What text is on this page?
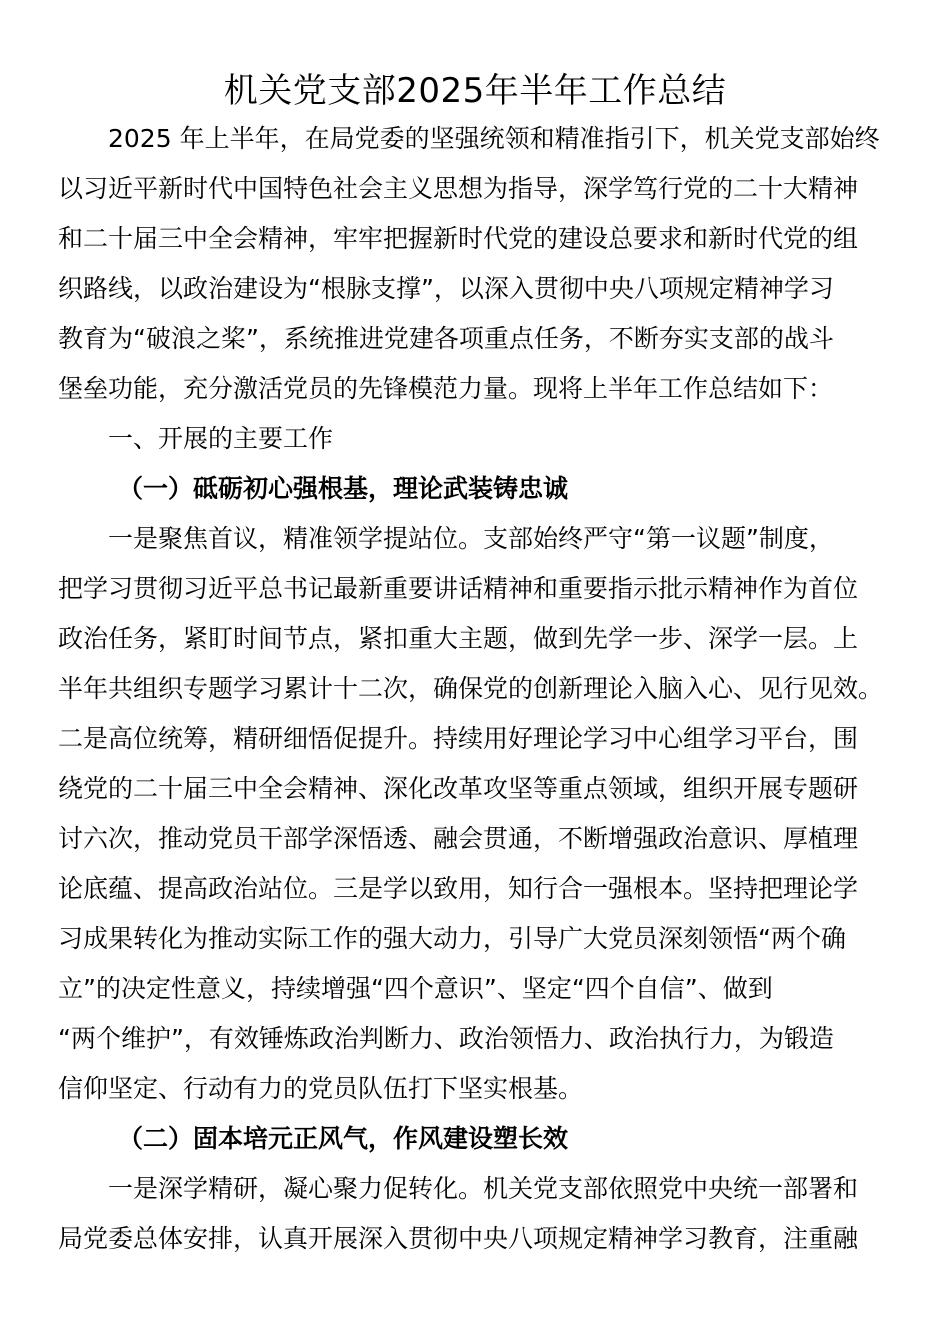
机关党支部2025年半年工作总结
2025 年上半年，在局党委的坚强统领和精准指引下，机关党支部始终
以习近平新时代中国特色社会主义思想为指导，深学笃行党的二十大精神
和二十届三中全会精神，牢牢把握新时代党的建设总要求和新时代党的组
织路线，以政治建设为“根脉支撑”，以深入贯彻中央八项规定精神学习
教育为“破浪之桨”，系统推进党建各项重点任务，不断夯实支部的战斗
堡垒功能，充分激活党员的先锋模范力量。现将上半年工作总结如下：
一、开展的主要工作
（一）砥砺初心强根基，理论武装铸忠诚
一是聚焦首议，精准领学提站位。支部始终严守“第一议题”制度，
把学习贯彻习近平总书记最新重要讲话精神和重要指示批示精神作为首位
政治任务，紧盯时间节点，紧扣重大主题，做到先学一步、深学一层。上
半年共组织专题学习累计十二次，确保党的创新理论入脑入心、见行见效。
二是高位统筹，精研细悟促提升。持续用好理论学习中心组学习平台，围
绕党的二十届三中全会精神、深化改革攻坚等重点领域，组织开展专题研
讨六次，推动党员干部学深悟透、融会贯通，不断增强政治意识、厚植理
论底蕴、提高政治站位。三是学以致用，知行合一强根本。坚持把理论学
习成果转化为推动实际工作的强大动力，引导广大党员深刻领悟“两个确
立”的决定性意义，持续增强“四个意识”、坚定“四个自信”、做到
“两个维护”，有效锤炼政治判断力、政治领悟力、政治执行力，为锻造
信仰坚定、行动有力的党员队伍打下坚实根基。
（二）固本培元正风气，作风建设塑长效
一是深学精研，凝心聚力促转化。机关党支部依照党中央统一部署和
局党委总体安排，认真开展深入贯彻中央八项规定精神学习教育，注重融
